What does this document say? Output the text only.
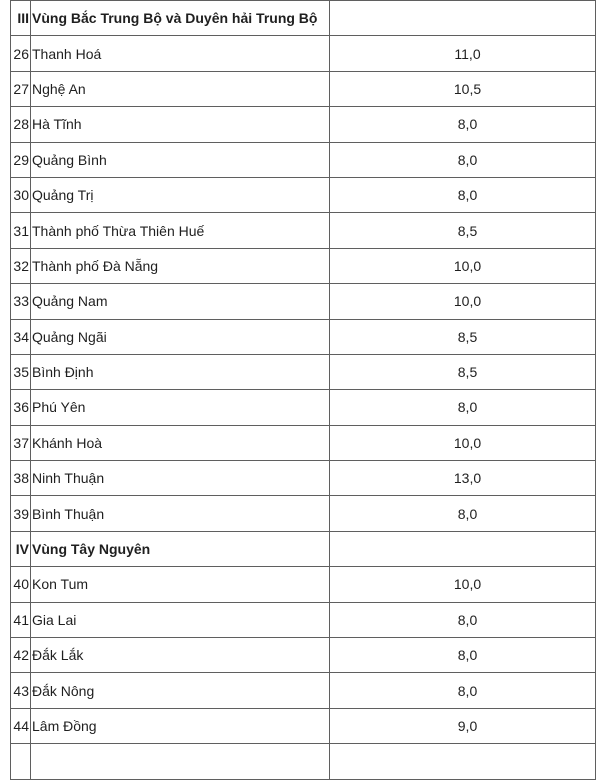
III	Vùng Bắc Trung Bộ và Duyên hải Trung Bộ	
26	Thanh Hoá	11,0
27	Nghệ An	10,5
28	Hà Tĩnh	8,0
29	Quảng Bình	8,0
30	Quảng Trị	8,0
31	Thành phố Thừa Thiên Huế	8,5
32	Thành phố Đà Nẵng	10,0
33	Quảng Nam	10,0
34	Quảng Ngãi	8,5
35	Bình Định	8,5
36	Phú Yên	8,0
37	Khánh Hoà	10,0
38	Ninh Thuận	13,0
39	Bình Thuận	8,0
IV	Vùng Tây Nguyên	
40	Kon Tum	10,0
41	Gia Lai	8,0
42	Đắk Lắk	8,0
43	Đắk Nông	8,0
44	Lâm Đồng	9,0
